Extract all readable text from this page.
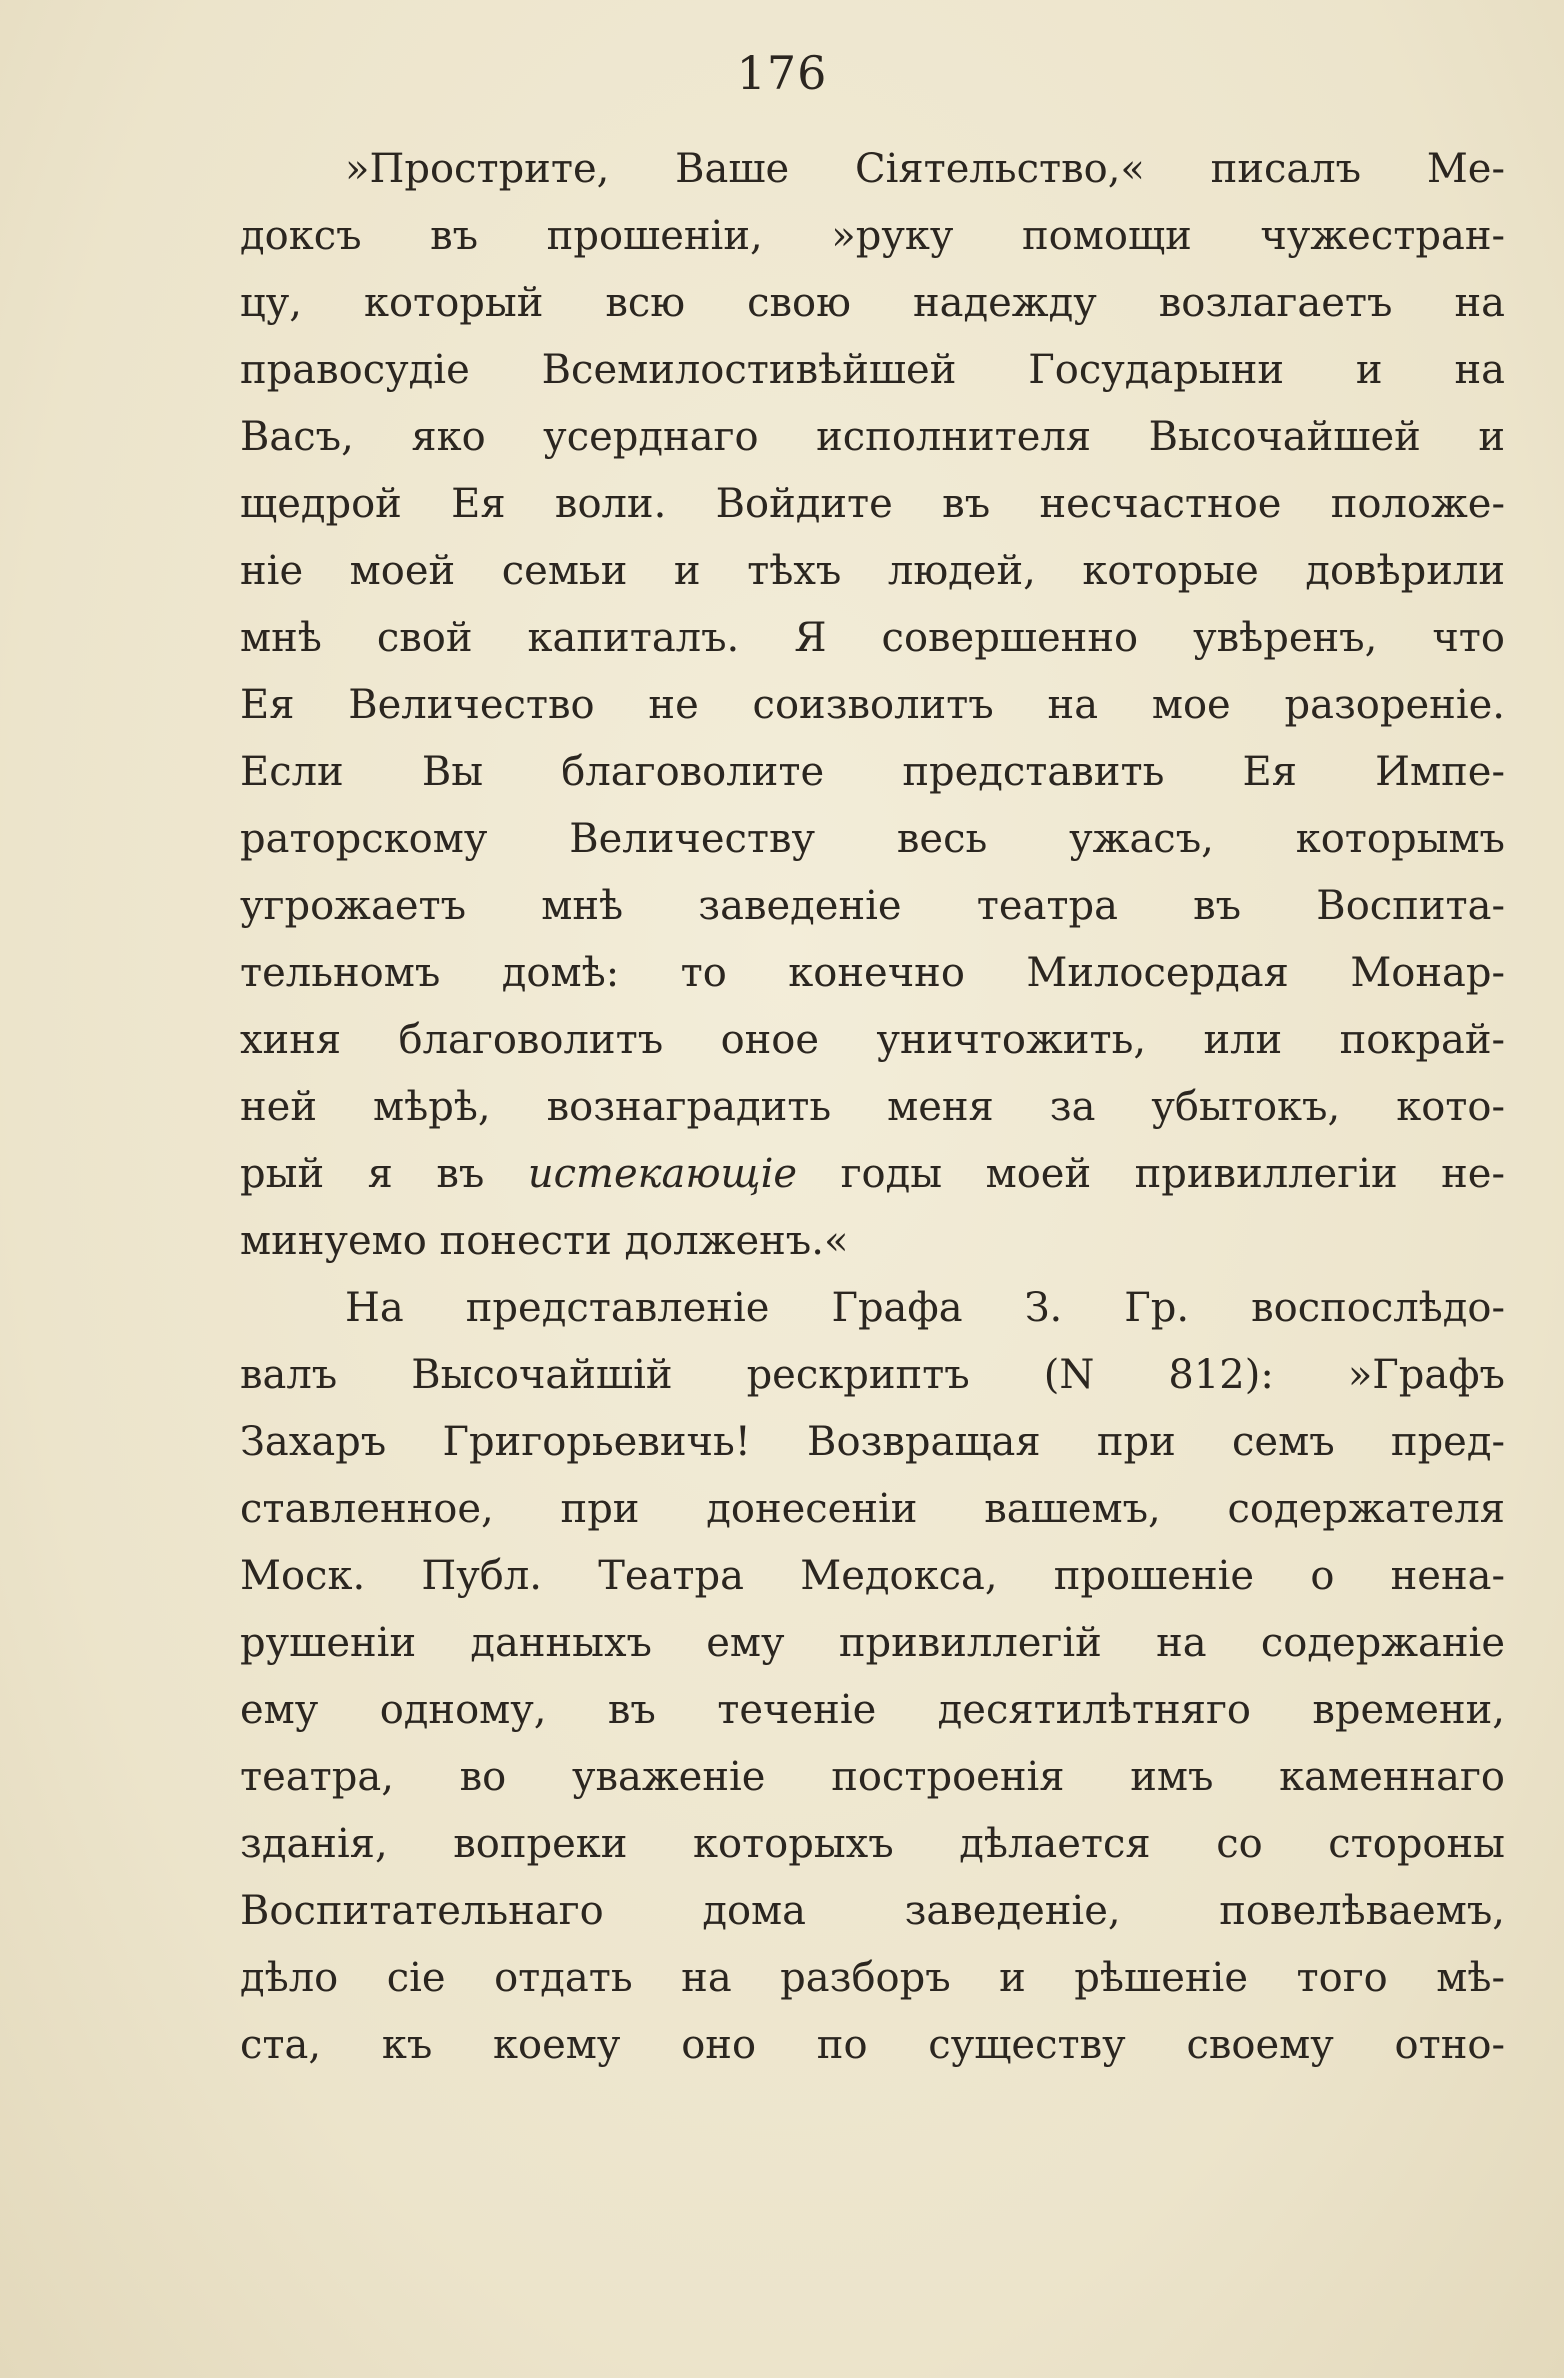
176
»Прострите, Ваше Сіятельство,« писалъ Ме-
доксъ въ прошеніи, »руку помощи чужестран-
цу, который всю свою надежду возлагаетъ на
правосудіе Всемилостивѣйшей Государыни и на
Васъ, яко усерднаго исполнителя Высочайшей и
щедрой Ея воли. Войдите въ несчастное положе-
ніе моей семьи и тѣхъ людей, которые довѣрили
мнѣ свой капиталъ. Я совершенно увѣренъ, что
Ея Величество не соизволитъ на мое разореніе.
Если Вы благоволите представить Ея Импе-
раторскому Величеству весь ужасъ, которымъ
угрожаетъ мнѣ заведеніе театра въ Воспита-
тельномъ домѣ: то конечно Милосердая Монар-
хиня благоволитъ оное уничтожить, или покрай-
ней мѣрѣ, вознаградить меня за убытокъ, кото-
рый я въ истекающіе годы моей привиллегіи не-
минуемо понести долженъ.«
На представленіе Графа З. Гр. воспослѣдо-
валъ Высочайшій рескриптъ (N 812): »Графъ
Захаръ Григорьевичь! Возвращая при семъ пред-
ставленное, при донесеніи вашемъ, содержателя
Моск. Публ. Театра Медокса, прошеніе о нена-
рушеніи данныхъ ему привиллегій на содержаніе
ему одному, въ теченіе десятилѣтняго времени,
театра, во уваженіе построенія имъ каменнаго
зданія, вопреки которыхъ дѣлается со стороны
Воспитательнаго дома заведеніе, повелѣваемъ,
дѣло сіе отдать на разборъ и рѣшеніе того мѣ-
ста, къ коему оно по существу своему отно-
